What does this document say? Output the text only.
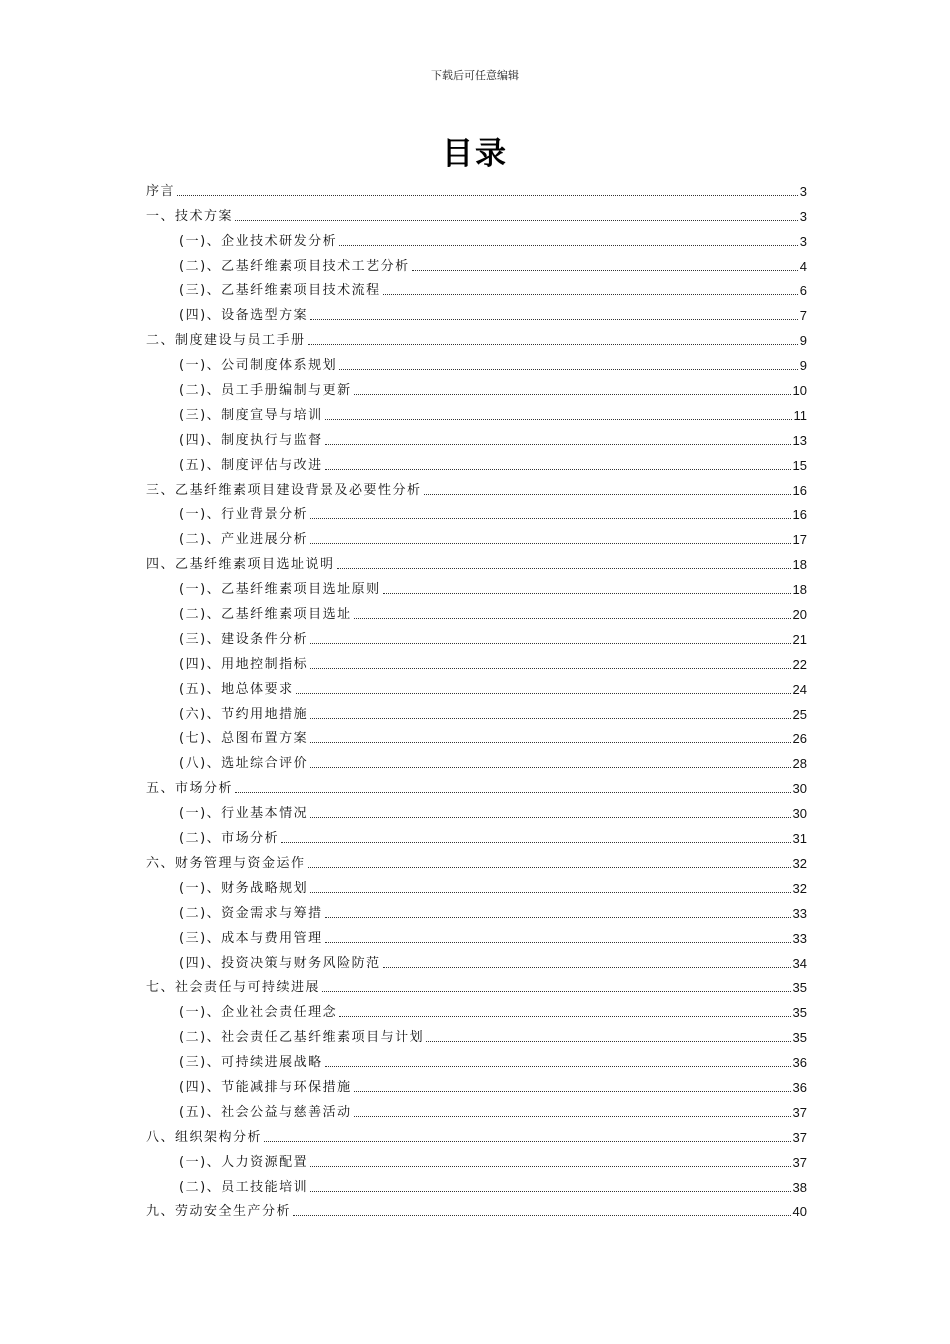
下载后可任意编辑
目录
序言	3
一、技术方案	3
(一)、企业技术研发分析	3
(二)、乙基纤维素项目技术工艺分析	4
(三)、乙基纤维素项目技术流程	6
(四)、设备选型方案	7
二、制度建设与员工手册	9
(一)、公司制度体系规划	9
(二)、员工手册编制与更新	10
(三)、制度宣导与培训	11
(四)、制度执行与监督	13
(五)、制度评估与改进	15
三、乙基纤维素项目建设背景及必要性分析	16
(一)、行业背景分析	16
(二)、产业进展分析	17
四、乙基纤维素项目选址说明	18
(一)、乙基纤维素项目选址原则	18
(二)、乙基纤维素项目选址	20
(三)、建设条件分析	21
(四)、用地控制指标	22
(五)、地总体要求	24
(六)、节约用地措施	25
(七)、总图布置方案	26
(八)、选址综合评价	28
五、市场分析	30
(一)、行业基本情况	30
(二)、市场分析	31
六、财务管理与资金运作	32
(一)、财务战略规划	32
(二)、资金需求与筹措	33
(三)、成本与费用管理	33
(四)、投资决策与财务风险防范	34
七、社会责任与可持续进展	35
(一)、企业社会责任理念	35
(二)、社会责任乙基纤维素项目与计划	35
(三)、可持续进展战略	36
(四)、节能减排与环保措施	36
(五)、社会公益与慈善活动	37
八、组织架构分析	37
(一)、人力资源配置	37
(二)、员工技能培训	38
九、劳动安全生产分析	40
